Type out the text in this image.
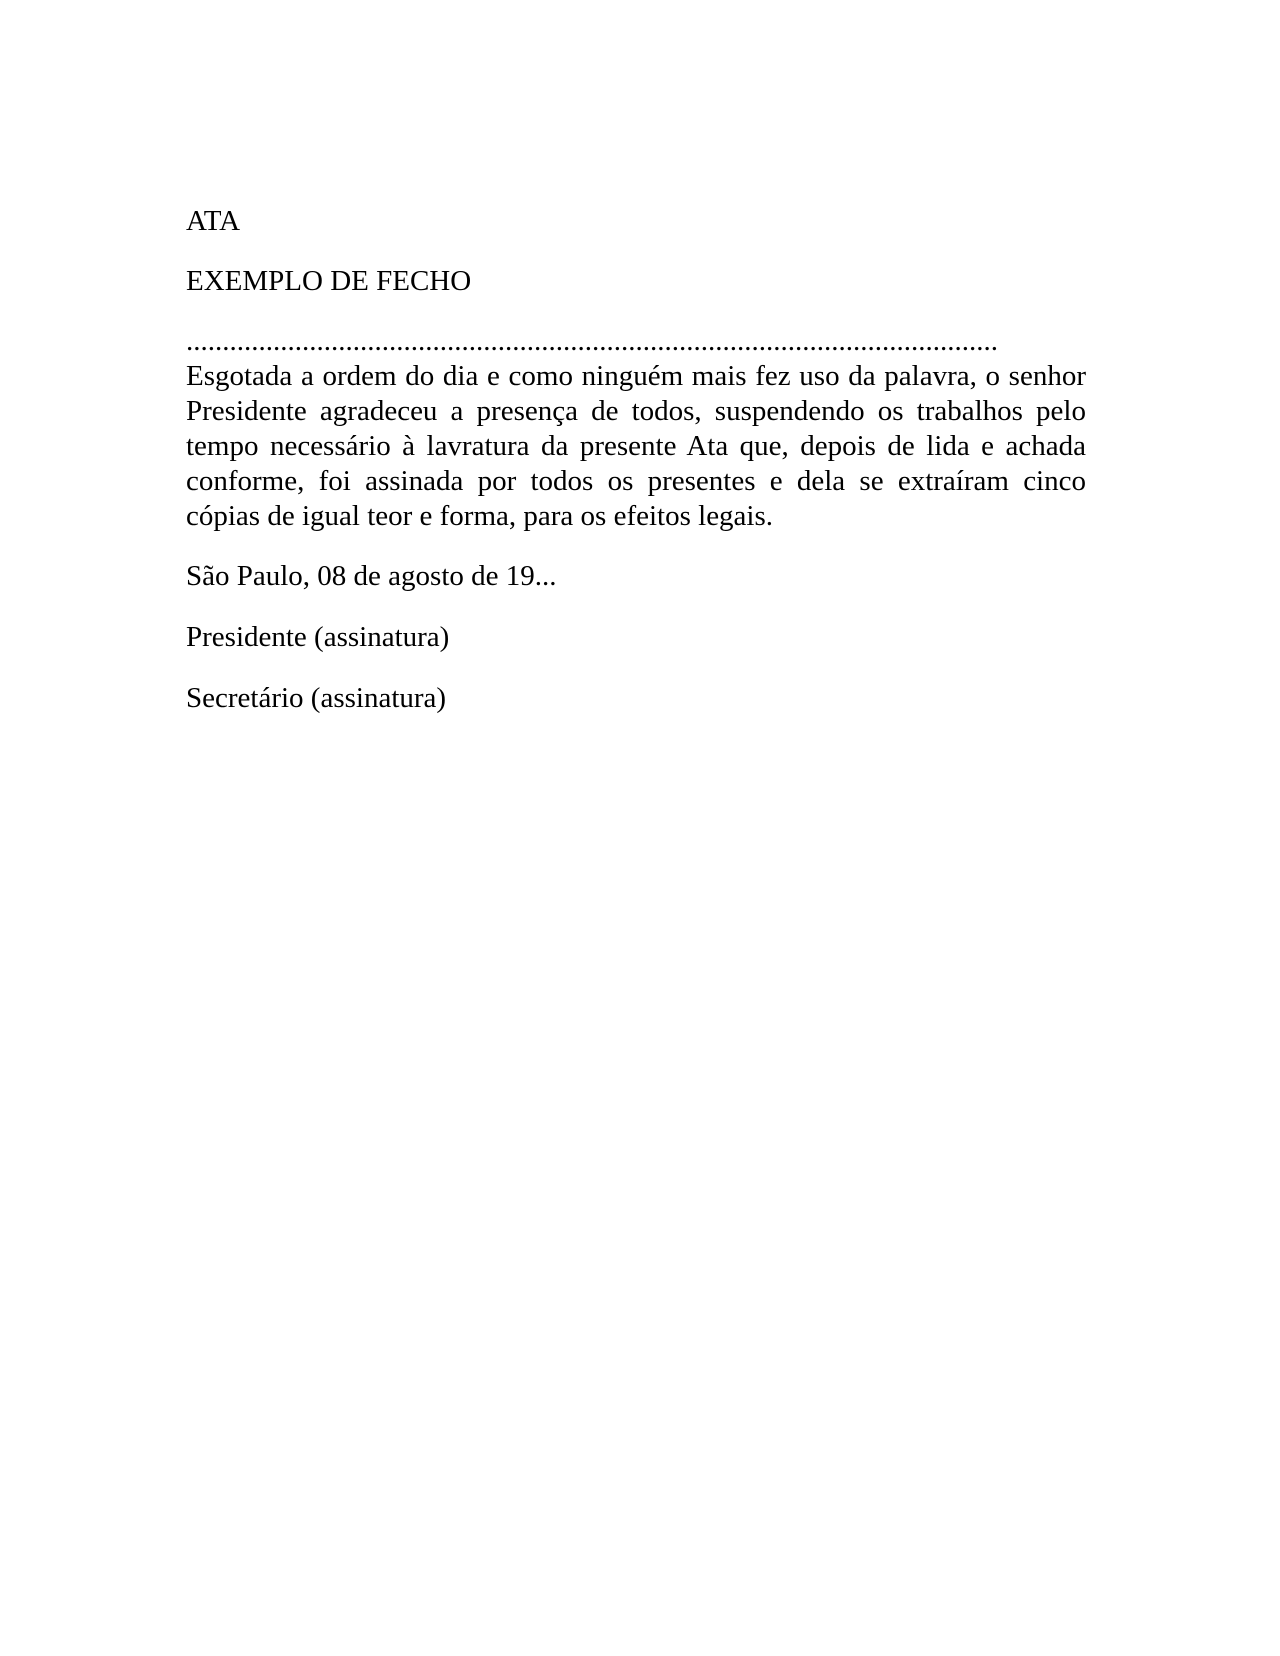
ATA

EXEMPLO DE FECHO

................................................................................................................

Esgotada a ordem do dia e como ninguém mais fez uso da palavra, o senhor Presidente agradeceu a presença de todos, suspendendo os trabalhos pelo tempo necessário à lavratura da presente Ata que, depois de lida e achada conforme, foi assinada por todos os presentes e dela se extraíram cinco cópias de igual teor e forma, para os efeitos legais.

São Paulo, 08 de agosto de 19...

Presidente (assinatura)

Secretário (assinatura)
